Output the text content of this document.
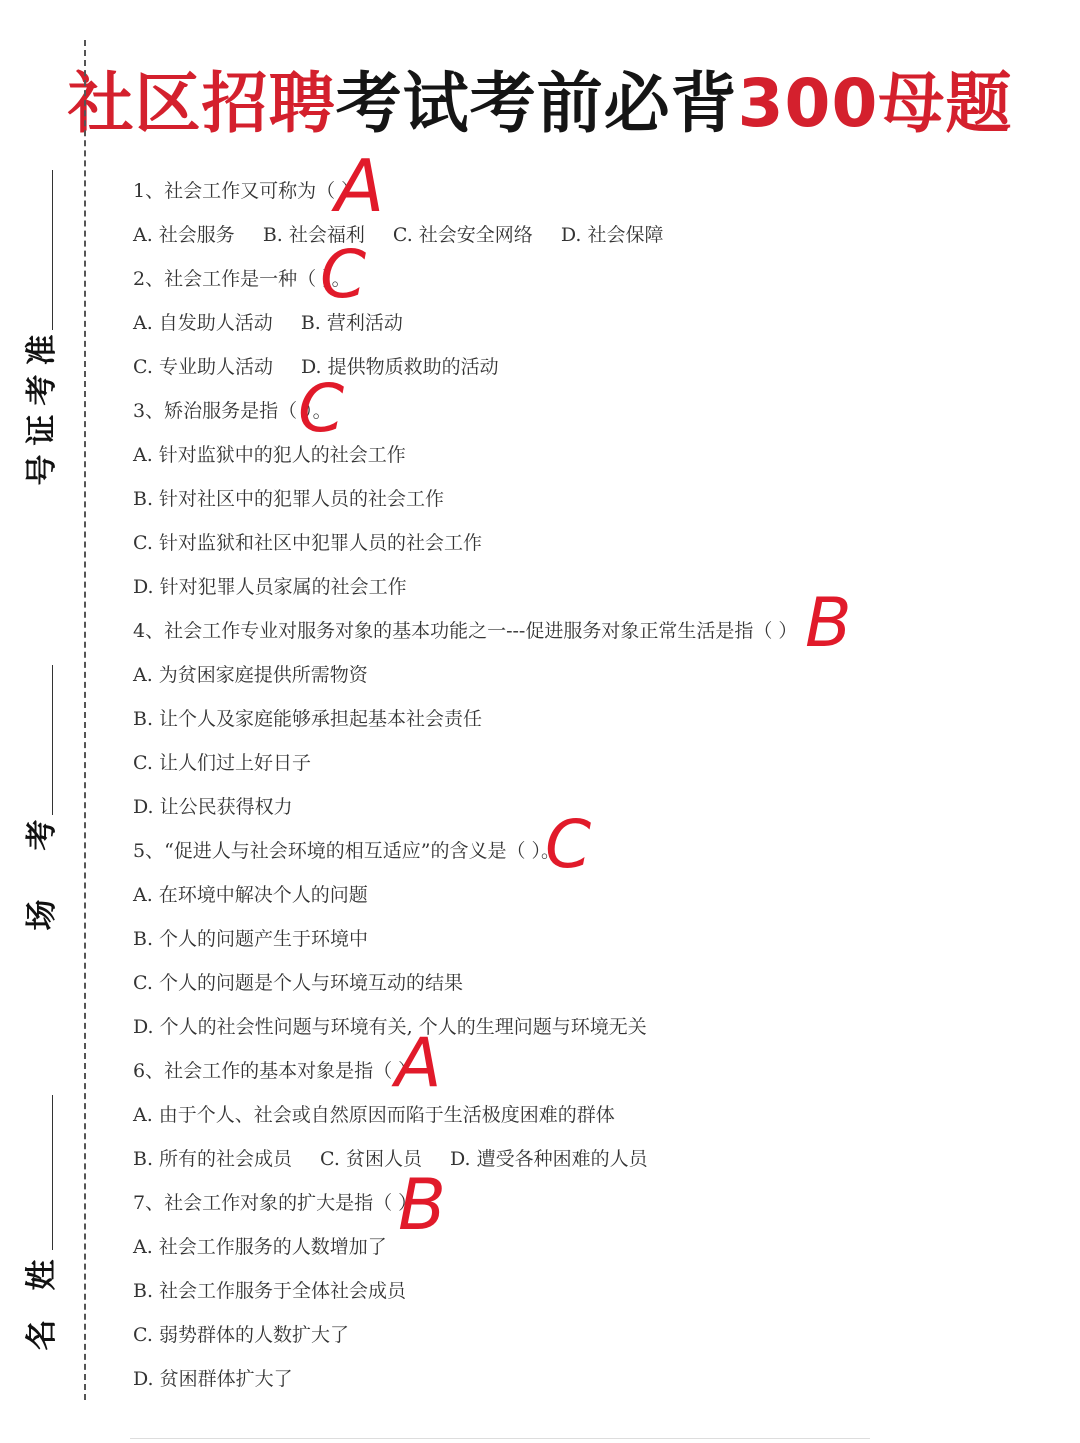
社区招聘考试考前必背300母题
准
考
证
号
考
场
姓
名
1、社会工作又可称为（ ）
A. 社会服务 B. 社会福利 C. 社会安全网络 D. 社会保障
2、社会工作是一种（ ）。
A. 自发助人活动 B. 营利活动
C. 专业助人活动 D. 提供物质救助的活动
3、矫治服务是指（ ）。
A. 针对监狱中的犯人的社会工作
B. 针对社区中的犯罪人员的社会工作
C. 针对监狱和社区中犯罪人员的社会工作
D. 针对犯罪人员家属的社会工作
4、社会工作专业对服务对象的基本功能之一---促进服务对象正常生活是指（ ）
A. 为贫困家庭提供所需物资
B. 让个人及家庭能够承担起基本社会责任
C. 让人们过上好日子
D. 让公民获得权力
5、“促进人与社会环境的相互适应”的含义是（ ）。
A. 在环境中解决个人的问题
B. 个人的问题产生于环境中
C. 个人的问题是个人与环境互动的结果
D. 个人的社会性问题与环境有关, 个人的生理问题与环境无关
6、社会工作的基本对象是指（ ）
A. 由于个人、社会或自然原因而陷于生活极度困难的群体
B. 所有的社会成员 C. 贫困人员 D. 遭受各种困难的人员
7、社会工作对象的扩大是指（ ）
A. 社会工作服务的人数增加了
B. 社会工作服务于全体社会成员
C. 弱势群体的人数扩大了
D. 贫困群体扩大了
A
C
C
B
C
A
B
